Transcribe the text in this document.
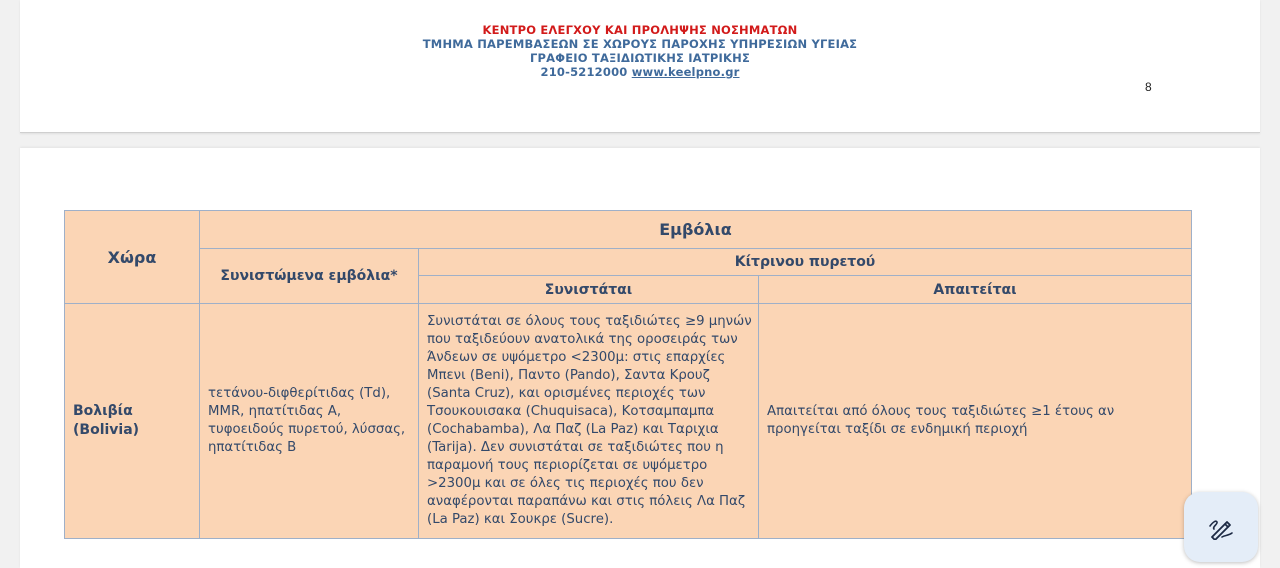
ΚΕΝΤΡΟ ΕΛΕΓΧΟΥ ΚΑΙ ΠΡΟΛΗΨΗΣ ΝΟΣΗΜΑΤΩΝ
ΤΜΗΜΑ ΠΑΡΕΜΒΑΣΕΩΝ ΣΕ ΧΩΡΟΥΣ ΠΑΡΟΧΗΣ ΥΠΗΡΕΣΙΩΝ ΥΓΕΙΑΣ
ΓΡΑΦΕΙΟ ΤΑΞΙΔΙΩΤΙΚΗΣ ΙΑΤΡΙΚΗΣ
210-5212000 www.keelpno.gr
8
Χώρα	Εμβόλια		
	Συνιστώμενα εμβόλια*	Κίτρινου πυρετού	
		Συνιστάται	Απαιτείται
Βολιβία
(Bolivia)	τετάνου-διφθερίτιδας (Td), MMR, ηπατίτιδας Α, τυφοειδούς πυρετού, λύσσας, ηπατίτιδας Β	Συνιστάται σε όλους τους ταξιδιώτες ≥9 μηνών που ταξιδεύουν ανατολικά της οροσειράς των Άνδεων σε υψόμετρο <2300μ: στις επαρχίες Μπενι (Beni), Παντο (Pando), Σαντα Κρουζ (Santa Cruz), και ορισμένες περιοχές των Τσουκουισακα (Chuquisaca), Κοτσαμπαμπα (Cochabamba), Λα Παζ (La Paz) και Ταριχια (Tarija). Δεν συνιστάται σε ταξιδιώτες που η παραμονή τους περιορίζεται σε υψόμετρο >2300μ και σε όλες τις περιοχές που δεν αναφέρονται παραπάνω και στις πόλεις Λα Παζ (La Paz) και Σουκρε (Sucre).	Απαιτείται από όλους τους ταξιδιώτες ≥1 έτους αν προηγείται ταξίδι σε ενδημική περιοχή
